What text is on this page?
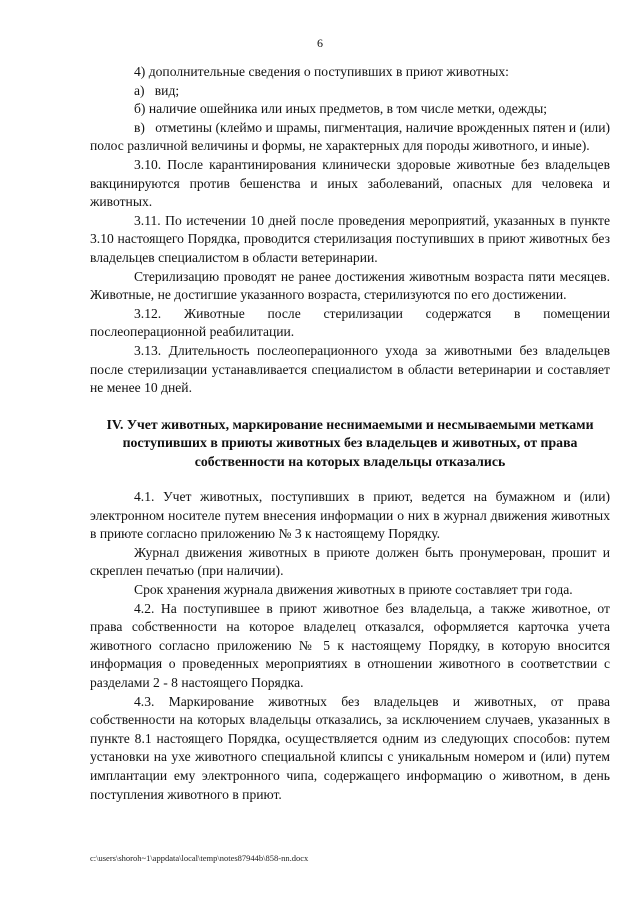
6

4) дополнительные сведения о поступивших в приют животных:

а)   вид;

б) наличие ошейника или иных предметов, в том числе метки, одежды;

в)   отметины (клеймо и шрамы, пигментация, наличие врожденных пятен и (или) полос различной величины и формы, не характерных для породы животного, и иные).

3.10. После карантинирования клинически здоровые животные без владельцев вакцинируются против бешенства и иных заболеваний, опасных для человека и животных.

3.11. По истечении 10 дней после проведения мероприятий, указанных в пункте 3.10 настоящего Порядка, проводится стерилизация поступивших в приют животных без владельцев специалистом в области ветеринарии.

Стерилизацию проводят не ранее достижения животным возраста пяти месяцев. Животные, не достигшие указанного возраста, стерилизуются по его достижении.

3.12. Животные после стерилизации содержатся в помещении послеоперационной реабилитации.

3.13. Длительность послеоперационного ухода за животными без владельцев после стерилизации устанавливается специалистом в области ветеринарии и составляет не менее 10 дней.

IV. Учет животных, маркирование неснимаемыми и несмываемыми метками поступивших в приюты животных без владельцев и животных, от права собственности на которых владельцы отказались

4.1. Учет животных, поступивших в приют, ведется на бумажном и (или) электронном носителе путем внесения информации о них в журнал движения животных в приюте согласно приложению № 3 к настоящему Порядку.

Журнал движения животных в приюте должен быть пронумерован, прошит и скреплен печатью (при наличии).

Срок хранения журнала движения животных в приюте составляет три года.

4.2. На поступившее в приют животное без владельца, а также животное, от права собственности на которое владелец отказался, оформляется карточка учета животного согласно приложению № 5 к настоящему Порядку, в которую вносится информация о проведенных мероприятиях в отношении животного в соответствии с разделами 2 - 8 настоящего Порядка.

4.3. Маркирование животных без владельцев и животных, от права собственности на которых владельцы отказались, за исключением случаев, указанных в пункте 8.1 настоящего Порядка, осуществляется одним из следующих способов: путем установки на ухе животного специальной клипсы с уникальным номером и (или) путем имплантации ему электронного чипа, содержащего информацию о животном, в день поступления животного в приют.

c:\users\shoroh~1\appdata\local\temp\notes87944b\858-nn.docx
